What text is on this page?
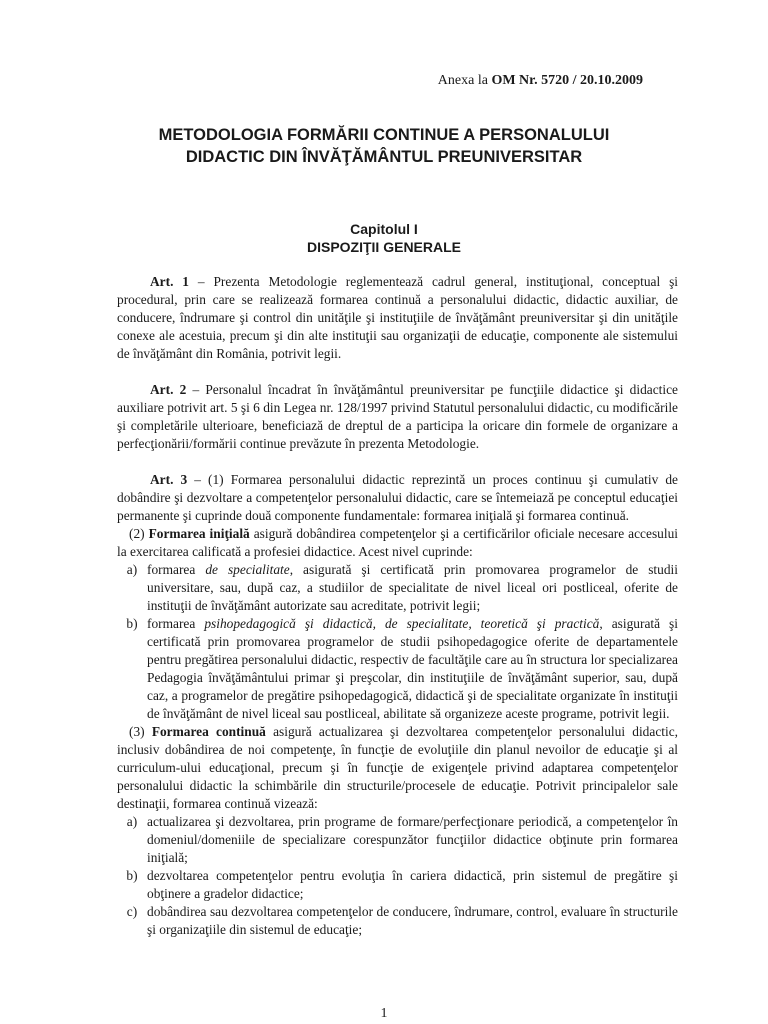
Anexa la OM Nr. 5720 / 20.10.2009
METODOLOGIA FORMĂRII CONTINUE A PERSONALULUI
DIDACTIC DIN ÎNVĂŢĂMÂNTUL PREUNIVERSITAR
Capitolul I
DISPOZIŢII GENERALE

Art. 1 – Prezenta Metodologie reglementează cadrul general, instituţional, conceptual şi procedural, prin care se realizează formarea continuă a personalului didactic, didactic auxiliar, de conducere, îndrumare şi control din unităţile şi instituţiile de învăţământ preuniversitar şi din unităţile conexe ale acestuia, precum şi din alte instituţii sau organizaţii de educaţie, componente ale sistemului de învăţământ din România, potrivit legii.

Art. 2 – Personalul încadrat în învăţământul preuniversitar pe funcţiile didactice şi didactice auxiliare potrivit art. 5 şi 6 din Legea nr. 128/1997 privind Statutul personalului didactic, cu modificările şi completările ulterioare, beneficiază de dreptul de a participa la oricare din formele de organizare a perfecţionării/formării continue prevăzute în prezenta Metodologie.

Art. 3 – (1) Formarea personalului didactic reprezintă un proces continuu şi cumulativ de dobândire şi dezvoltare a competenţelor personalului didactic, care se întemeiază pe conceptul educaţiei permanente şi cuprinde două componente fundamentale: formarea iniţială şi formarea continuă.

(2) Formarea iniţială asigură dobândirea competenţelor şi a certificărilor oficiale necesare accesului la exercitarea calificată a profesiei didactice. Acest nivel cuprinde:

a) formarea de specialitate, asigurată şi certificată prin promovarea programelor de studii universitare, sau, după caz, a studiilor de specialitate de nivel liceal ori postliceal, oferite de instituţii de învăţământ autorizate sau acreditate, potrivit legii;
b) formarea psihopedagogică şi didactică, de specialitate, teoretică şi practică, asigurată şi certificată prin promovarea programelor de studii psihopedagogice oferite de departamentele pentru pregătirea personalului didactic, respectiv de facultăţile care au în structura lor specializarea Pedagogia învăţământului primar şi preşcolar, din instituţiile de învăţământ superior, sau, după caz, a programelor de pregătire psihopedagogică, didactică şi de specialitate organizate în instituţii de învăţământ de nivel liceal sau postliceal, abilitate să organizeze aceste programe, potrivit legii.

(3) Formarea continuă asigură actualizarea şi dezvoltarea competenţelor personalului didactic, inclusiv dobândirea de noi competenţe, în funcţie de evoluţiile din planul nevoilor de educaţie şi al curriculum-ului educaţional, precum şi în funcţie de exigenţele privind adaptarea competenţelor personalului didactic la schimbările din structurile/procesele de educaţie. Potrivit principalelor sale destinaţii, formarea continuă vizează:

a) actualizarea şi dezvoltarea, prin programe de formare/perfecţionare periodică, a competenţelor în domeniul/domeniile de specializare corespunzător funcţiilor didactice obţinute prin formarea iniţială;
b) dezvoltarea competenţelor pentru evoluţia în cariera didactică, prin sistemul de pregătire şi obţinere a gradelor didactice;
c) dobândirea sau dezvoltarea competenţelor de conducere, îndrumare, control, evaluare în structurile şi organizaţiile din sistemul de educaţie;
1
